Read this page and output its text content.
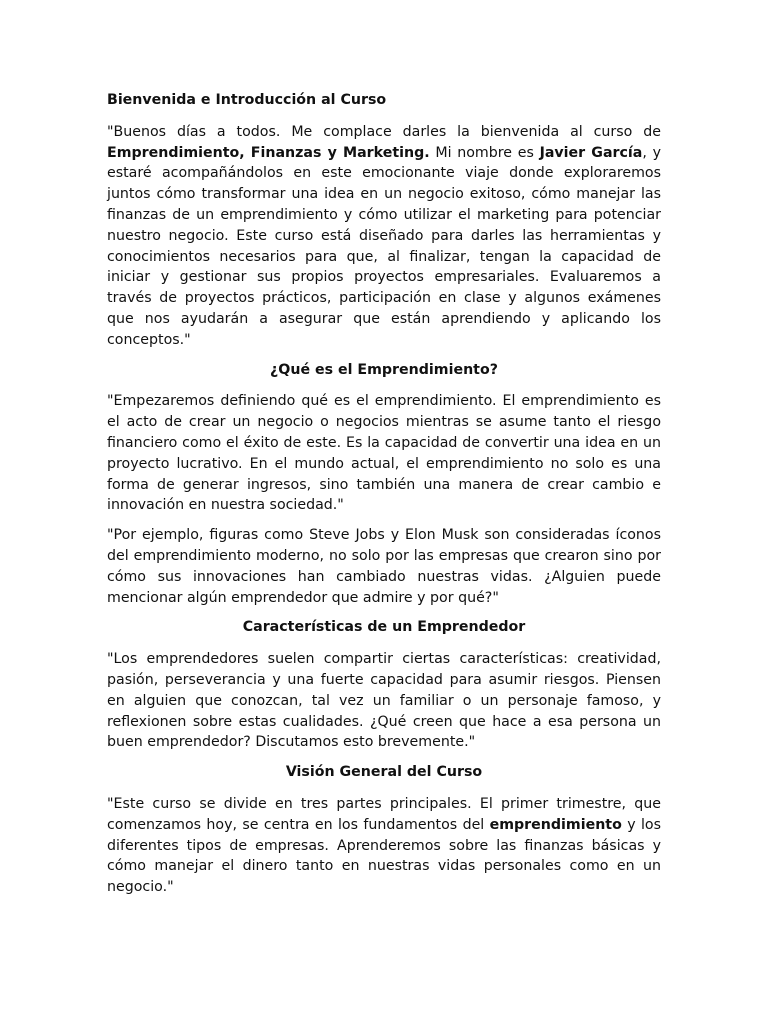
Bienvenida e Introducción al Curso

"Buenos días a todos. Me complace darles la bienvenida al curso de Emprendimiento, Finanzas y Marketing. Mi nombre es Javier García, y estaré acompañándolos en este emocionante viaje donde exploraremos juntos cómo transformar una idea en un negocio exitoso, cómo manejar las finanzas de un emprendimiento y cómo utilizar el marketing para potenciar nuestro negocio. Este curso está diseñado para darles las herramientas y conocimientos necesarios para que, al finalizar, tengan la capacidad de iniciar y gestionar sus propios proyectos empresariales. Evaluaremos a través de proyectos prácticos, participación en clase y algunos exámenes que nos ayudarán a asegurar que están aprendiendo y aplicando los conceptos."

¿Qué es el Emprendimiento?

"Empezaremos definiendo qué es el emprendimiento. El emprendimiento es el acto de crear un negocio o negocios mientras se asume tanto el riesgo financiero como el éxito de este. Es la capacidad de convertir una idea en un proyecto lucrativo. En el mundo actual, el emprendimiento no solo es una forma de generar ingresos, sino también una manera de crear cambio e innovación en nuestra sociedad."

"Por ejemplo, figuras como Steve Jobs y Elon Musk son consideradas íconos del emprendimiento moderno, no solo por las empresas que crearon sino por cómo sus innovaciones han cambiado nuestras vidas. ¿Alguien puede mencionar algún emprendedor que admire y por qué?"

Características de un Emprendedor

"Los emprendedores suelen compartir ciertas características: creatividad, pasión, perseverancia y una fuerte capacidad para asumir riesgos. Piensen en alguien que conozcan, tal vez un familiar o un personaje famoso, y reflexionen sobre estas cualidades. ¿Qué creen que hace a esa persona un buen emprendedor? Discutamos esto brevemente."

Visión General del Curso

"Este curso se divide en tres partes principales. El primer trimestre, que comenzamos hoy, se centra en los fundamentos del emprendimiento y los diferentes tipos de empresas. Aprenderemos sobre las finanzas básicas y cómo manejar el dinero tanto en nuestras vidas personales como en un negocio."
